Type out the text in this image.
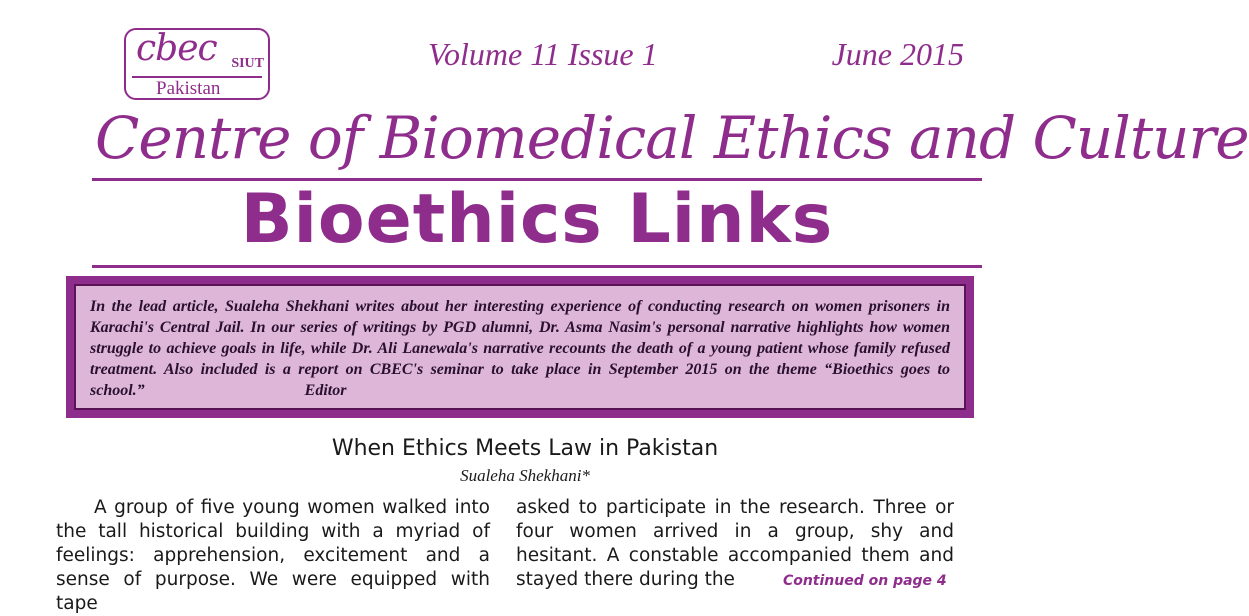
cbec SIUT
Pakistan
Volume 11 Issue 1	June 2015
Centre of Biomedical Ethics and Culture
Bioethics Links
In the lead article, Sualeha Shekhani writes about her interesting experience of conducting research on women prisoners in Karachi's Central Jail. In our series of writings by PGD alumni, Dr. Asma Nasim's personal narrative highlights how women struggle to achieve goals in life, while Dr. Ali Lanewala's narrative recounts the death of a young patient whose family refused treatment. Also included is a report on CBEC's seminar to take place in September 2015 on the theme “Bioethics goes to school.”	Editor
When Ethics Meets Law in Pakistan
Sualeha Shekhani*
A group of five young women walked into the tall historical building with a myriad of feelings: apprehension, excitement and a sense of purpose. We were equipped with tape
asked to participate in the research. Three or four women arrived in a group, shy and hesitant. A constable accompanied them and stayed there during the	Continued on page 4
